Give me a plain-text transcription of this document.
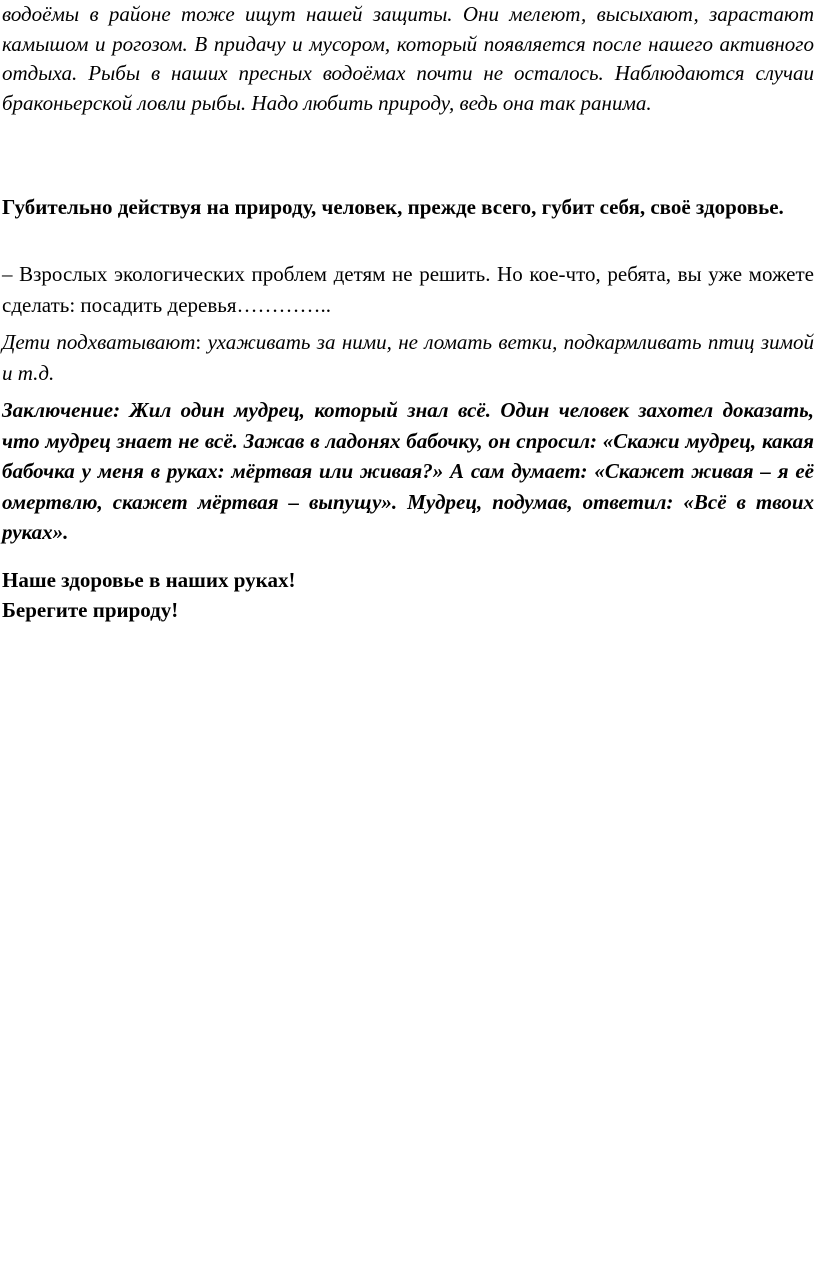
водоёмы в районе тоже ищут нашей защиты. Они мелеют, высыхают, зарастают камышом и рогозом. В придачу и мусором, который появляется после нашего активного отдыха. Рыбы в наших пресных водоёмах почти не осталось. Наблюдаются случаи браконьерской ловли рыбы. Надо любить природу, ведь она так ранима.

Губительно действуя на природу, человек, прежде всего, губит себя, своё здоровье.

– Взрослых экологических проблем детям не решить. Но кое-что, ребята, вы уже можете сделать: посадить деревья…………..

Дети подхватывают: ухаживать за ними, не ломать ветки, подкармливать птиц зимой и т.д.

Заключение: Жил один мудрец, который знал всё. Один человек захотел доказать, что мудрец знает не всё. Зажав в ладонях бабочку, он спросил: «Скажи мудрец, какая бабочка у меня в руках: мёртвая или живая?» А сам думает: «Скажет живая – я её омертвлю, скажет мёртвая – выпущу». Мудрец, подумав, ответил: «Всё в твоих руках».

Наше здоровье в наших руках!

Берегите природу!
